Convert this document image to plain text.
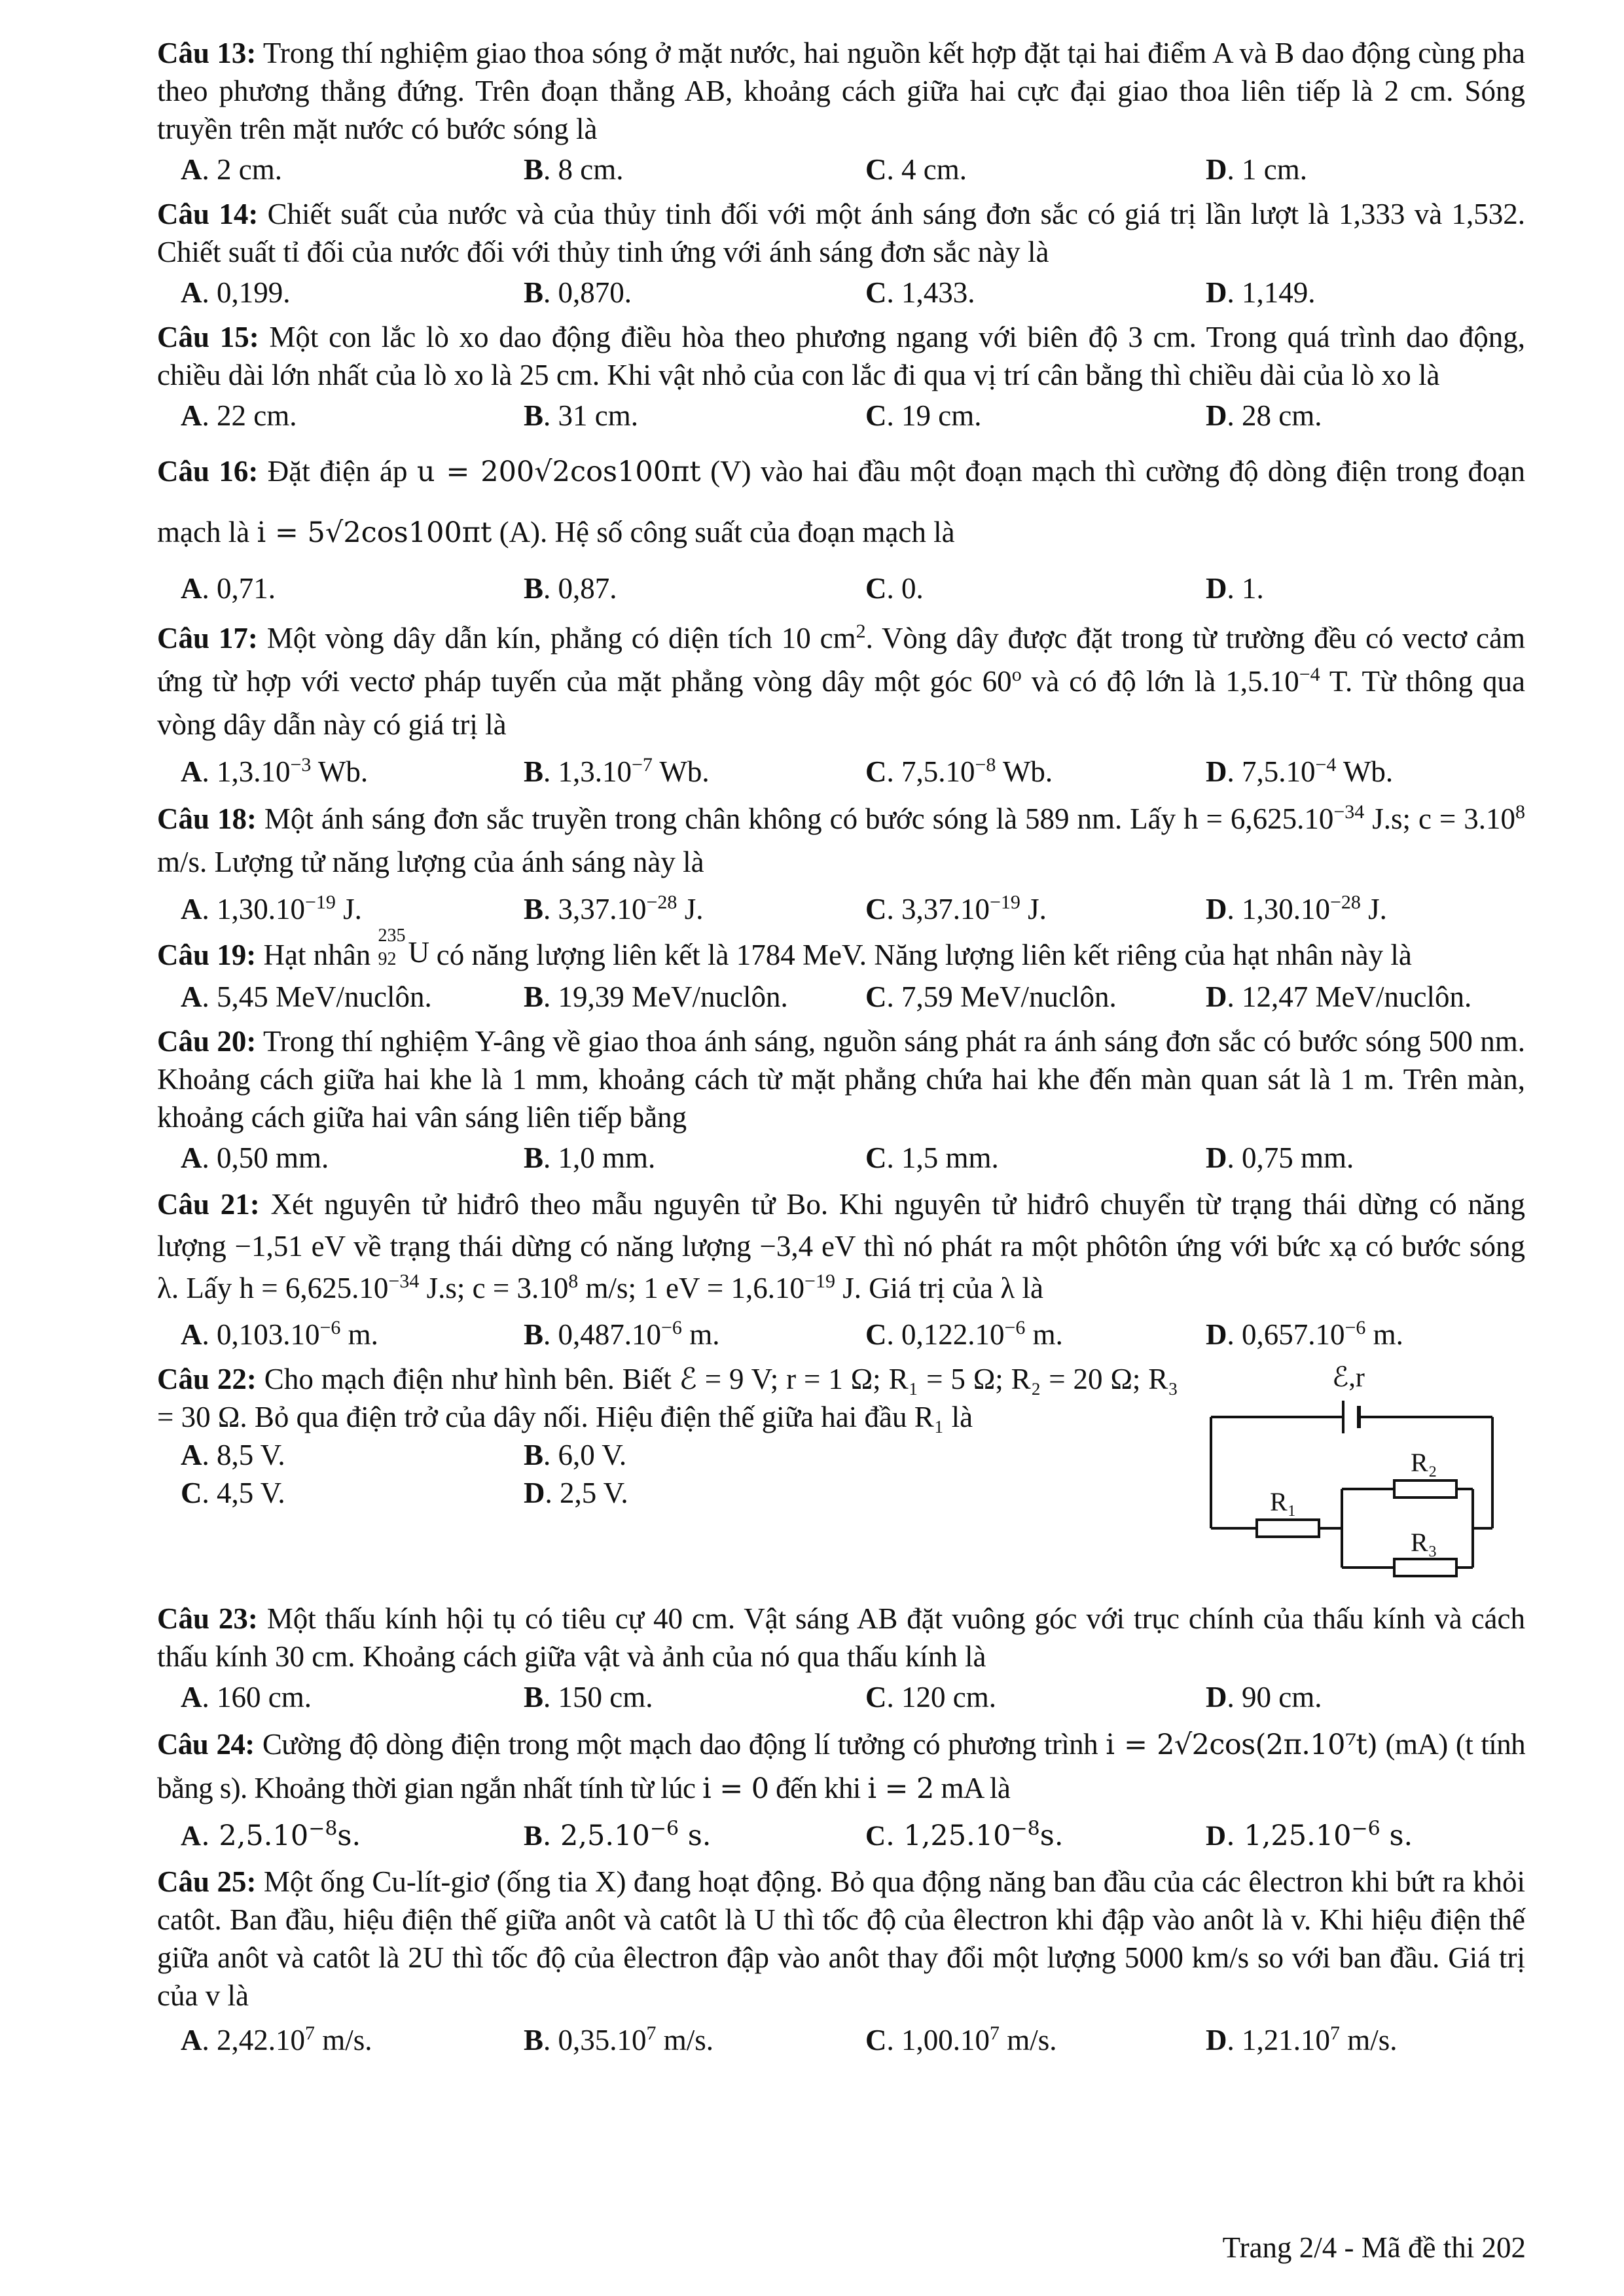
Câu 13: Trong thí nghiệm giao thoa sóng ở mặt nước, hai nguồn kết hợp đặt tại hai điểm A và B dao động cùng pha theo phương thẳng đứng. Trên đoạn thẳng AB, khoảng cách giữa hai cực đại giao thoa liên tiếp là 2 cm. Sóng truyền trên mặt nước có bước sóng là
A. 2 cm.	B. 8 cm.	C. 4 cm.	D. 1 cm.
Câu 14: Chiết suất của nước và của thủy tinh đối với một ánh sáng đơn sắc có giá trị lần lượt là 1,333 và 1,532. Chiết suất tỉ đối của nước đối với thủy tinh ứng với ánh sáng đơn sắc này là
A. 0,199.	B. 0,870.	C. 1,433.	D. 1,149.
Câu 15: Một con lắc lò xo dao động điều hòa theo phương ngang với biên độ 3 cm. Trong quá trình dao động, chiều dài lớn nhất của lò xo là 25 cm. Khi vật nhỏ của con lắc đi qua vị trí cân bằng thì chiều dài của lò xo là
A. 22 cm.	B. 31 cm.	C. 19 cm.	D. 28 cm.
Câu 16: Đặt điện áp u = 200√2cos100πt (V) vào hai đầu một đoạn mạch thì cường độ dòng điện trong đoạn mạch là i = 5√2cos100πt (A). Hệ số công suất của đoạn mạch là
A. 0,71.	B. 0,87.	C. 0.	D. 1.
Câu 17: Một vòng dây dẫn kín, phẳng có diện tích 10 $cm^2$. Vòng dây được đặt trong từ trường đều có vectơ cảm ứng từ hợp với vectơ pháp tuyến của mặt phẳng vòng dây một góc 60$^o$ và có độ lớn là $1,5.10^{-4}$ T. Từ thông qua vòng dây dẫn này có giá trị là
A. $1,3.10^{-3}$ Wb.	B. $1,3.10^{-7}$ Wb.	C. $7,5.10^{-8}$ Wb.	D. $7,5.10^{-4}$ Wb.
Câu 18: Một ánh sáng đơn sắc truyền trong chân không có bước sóng là 589 nm. Lấy $h = 6,625.10^{-34}$ J.s; $c = 3.10^8$ m/s. Lượng tử năng lượng của ánh sáng này là
A. $1,30.10^{-19}$ J.	B. $3,37.10^{-28}$ J.	C. $3,37.10^{-19}$ J.	D. $1,30.10^{-28}$ J.
Câu 19: Hạt nhân
235
92 U có năng lượng liên kết là 1784 MeV. Năng lượng liên kết riêng của hạt nhân này là
A. 5,45 MeV/nuclôn.	B. 19,39 MeV/nuclôn.	C. 7,59 MeV/nuclôn.	D. 12,47 MeV/nuclôn.
Câu 20: Trong thí nghiệm Y-âng về giao thoa ánh sáng, nguồn sáng phát ra ánh sáng đơn sắc có bước sóng 500 nm. Khoảng cách giữa hai khe là 1 mm, khoảng cách từ mặt phẳng chứa hai khe đến màn quan sát là 1 m. Trên màn, khoảng cách giữa hai vân sáng liên tiếp bằng
A. 0,50 mm.	B. 1,0 mm.	C. 1,5 mm.	D. 0,75 mm.
Câu 21: Xét nguyên tử hiđrô theo mẫu nguyên tử Bo. Khi nguyên tử hiđrô chuyển từ trạng thái dừng có năng lượng −1,51 eV về trạng thái dừng có năng lượng −3,4 eV thì nó phát ra một phôtôn ứng với bức xạ có bước sóng λ. Lấy $h = 6,625.10^{-34}$ J.s; $c = 3.10^8$ m/s; 1 eV = $1,6.10^{-19}$ J. Giá trị của λ là
A. $0,103.10^{-6}$ m.	B. $0,487.10^{-6}$ m.	C. $0,122.10^{-6}$ m.	D. $0,657.10^{-6}$ m.
Câu 22: Cho mạch điện như hình bên. Biết ℰ = 9 V; r = 1 Ω; R₁ = 5 Ω; R₂ = 20 Ω; R₃ = 30 Ω. Bỏ qua điện trở của dây nối. Hiệu điện thế giữa hai đầu R₁ là
A. 8,5 V.	B. 6,0 V.
C. 4,5 V.	D. 2,5 V.
ℰ,r
R₁
R₂
R₃
Câu 23: Một thấu kính hội tụ có tiêu cự 40 cm. Vật sáng AB đặt vuông góc với trục chính của thấu kính và cách thấu kính 30 cm. Khoảng cách giữa vật và ảnh của nó qua thấu kính là
A. 160 cm.	B. 150 cm.	C. 120 cm.	D. 90 cm.
Câu 24: Cường độ dòng điện trong một mạch dao động lí tưởng có phương trình i = 2√2cos(2π.10⁷t) (mA) (t tính bằng s). Khoảng thời gian ngắn nhất tính từ lúc i = 0 đến khi i = 2 mA là
A. $2,5.10^{-8}s$.	B. $2,5.10^{-6}$ s.	C. $1,25.10^{-8}s$.	D. $1,25.10^{-6}$ s.
Câu 25: Một ống Cu-lít-giơ (ống tia X) đang hoạt động. Bỏ qua động năng ban đầu của các êlectron khi bứt ra khỏi catôt. Ban đầu, hiệu điện thế giữa anôt và catôt là U thì tốc độ của êlectron khi đập vào anôt là v. Khi hiệu điện thế giữa anôt và catôt là 2U thì tốc độ của êlectron đập vào anôt thay đổi một lượng 5000 km/s so với ban đầu. Giá trị của v là
A. 2,42.10$^7$ m/s.	B. 0,35.10$^7$ m/s.	C. 1,00.10$^7$ m/s.	D. 1,21.10$^7$ m/s.
Trang 2/4 - Mã đề thi 202
